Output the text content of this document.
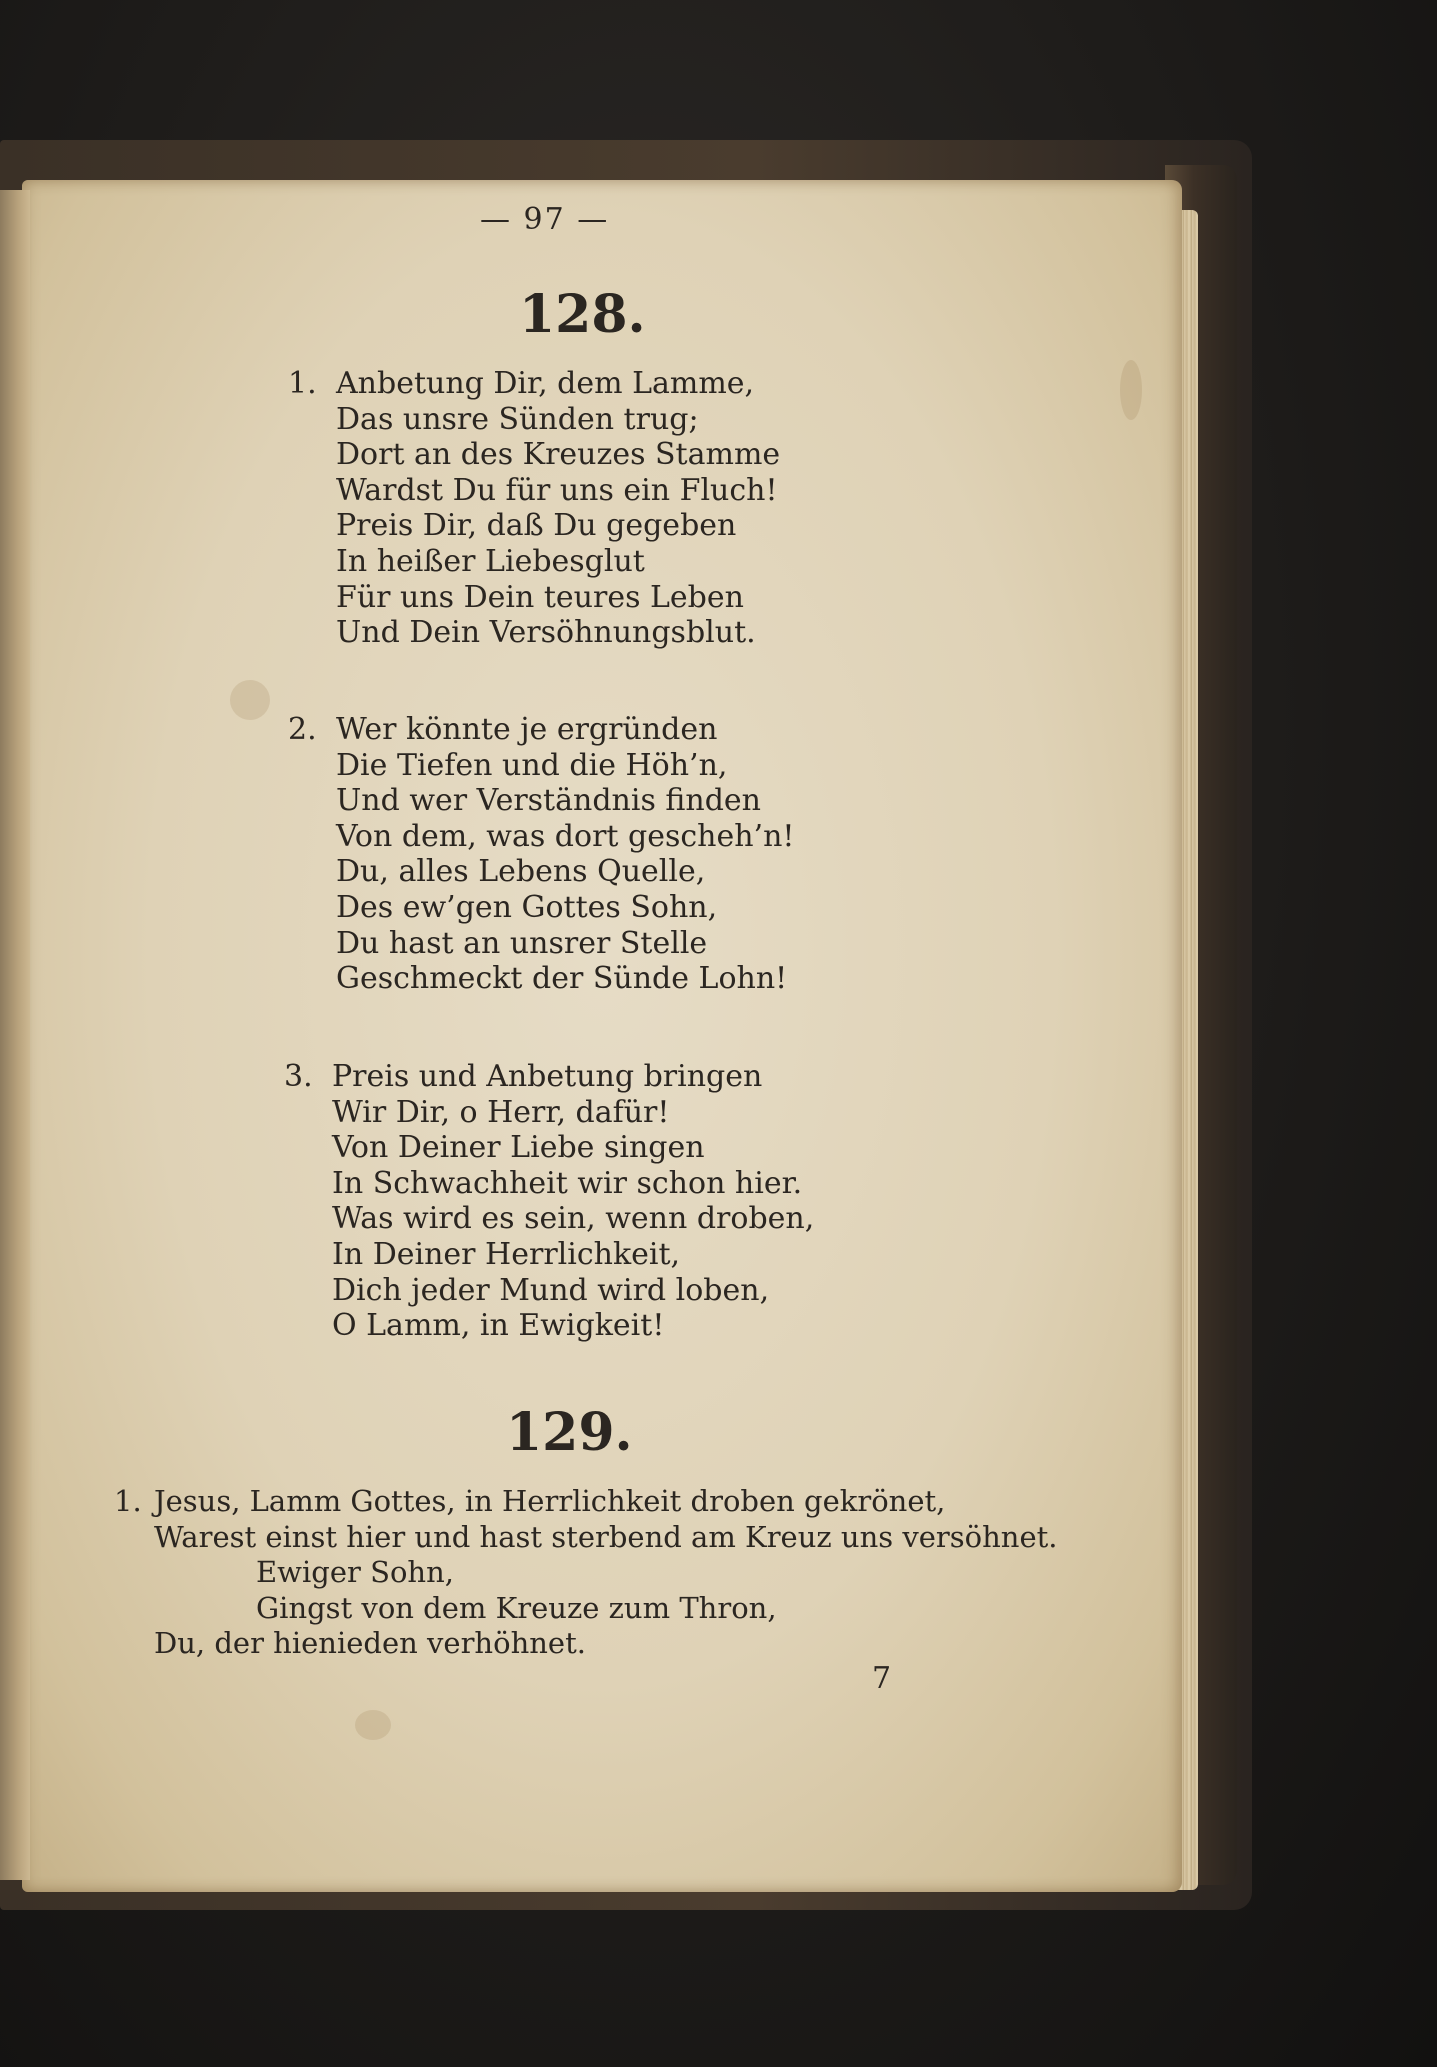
— 97 —
128.
1. Anbetung Dir, dem Lamme,
Das unsre Sünden trug;
Dort an des Kreuzes Stamme
Wardst Du für uns ein Fluch!
Preis Dir, daß Du gegeben
In heißer Liebesglut
Für uns Dein teures Leben
Und Dein Versöhnungsblut.
2. Wer könnte je ergründen
Die Tiefen und die Höh’n,
Und wer Verständnis finden
Von dem, was dort gescheh’n!
Du, alles Lebens Quelle,
Des ew’gen Gottes Sohn,
Du hast an unsrer Stelle
Geschmeckt der Sünde Lohn!
3. Preis und Anbetung bringen
Wir Dir, o Herr, dafür!
Von Deiner Liebe singen
In Schwachheit wir schon hier.
Was wird es sein, wenn droben,
In Deiner Herrlichkeit,
Dich jeder Mund wird loben,
O Lamm, in Ewigkeit!
129.
1. Jesus, Lamm Gottes, in Herrlichkeit droben gekrönet,
Warest einst hier und hast sterbend am Kreuz uns versöhnet.
Ewiger Sohn,
Gingst von dem Kreuze zum Thron,
Du, der hienieden verhöhnet.
7
